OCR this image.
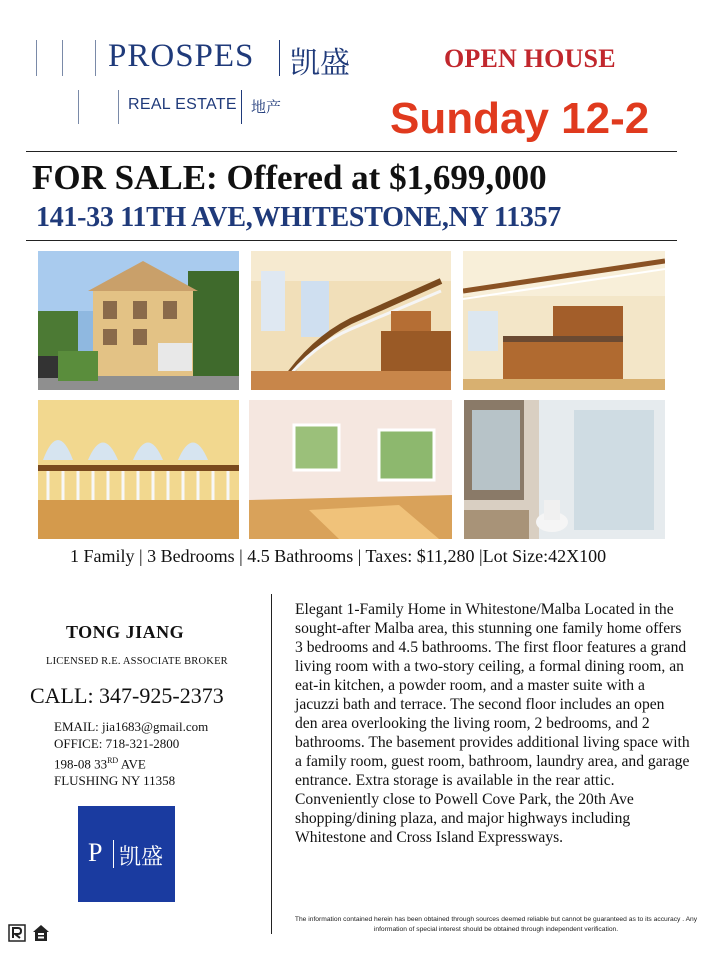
PROSPES 凯盛
REAL ESTATE 地产
OPEN HOUSE
Sunday 12-2
FOR SALE: Offered at $1,699,000
141-33 11TH AVE,WHITESTONE,NY 11357
1 Family | 3 Bedrooms | 4.5 Bathrooms | Taxes: $11,280 |Lot Size:42X100
TONG JIANG
LICENSED R.E. ASSOCIATE BROKER
CALL: 347-925-2373
EMAIL: jia1683@gmail.com
OFFICE: 718-321-2800
198-08 33RD AVE
FLUSHING NY 11358
P 凯盛
Elegant 1-Family Home in Whitestone/Malba Located in the sought-after Malba area, this stunning one family home offers 3 bedrooms and 4.5 bathrooms. The first floor features a grand living room with a two-story ceiling, a formal dining room, an eat-in kitchen, a powder room, and a master suite with a jacuzzi bath and terrace. The second floor includes an open den area overlooking the living room, 2 bedrooms, and 2 bathrooms. The basement provides additional living space with a family room, guest room, bathroom, laundry area, and garage entrance. Extra storage is available in the rear attic. Conveniently close to Powell Cove Park, the 20th Ave shopping/dining plaza, and major highways including Whitestone and Cross Island Expressways.
The information contained herein has been obtained through sources deemed reliable but cannot be guaranteed as to its accuracy . Any information of special interest should be obtained through independent verification.
